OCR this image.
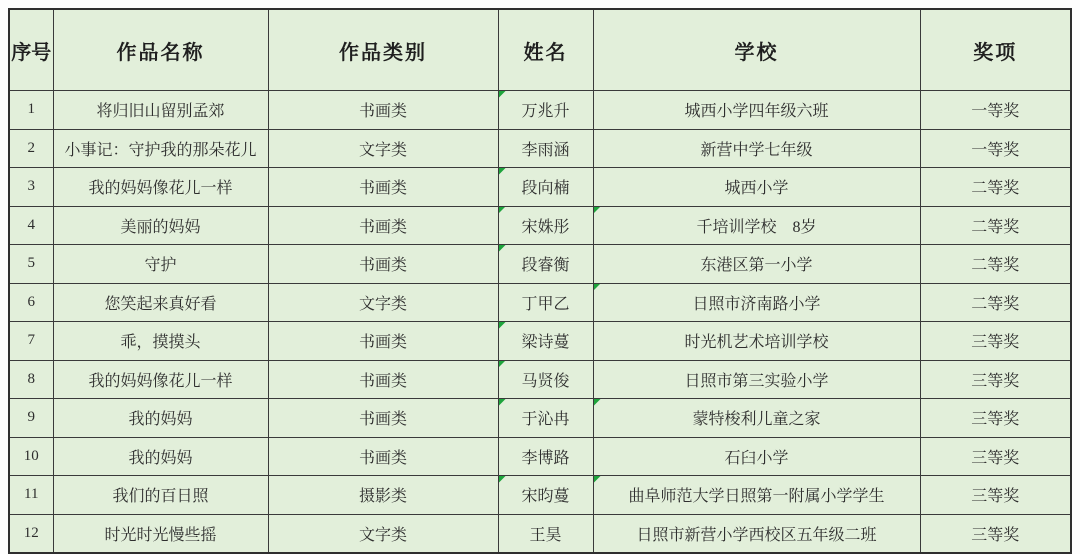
序号	作品名称	作品类别	姓名	学校	奖项
1	将归旧山留别孟郊	书画类	万兆升	城西小学四年级六班	一等奖
2	小事记：守护我的那朵花儿	文字类	李雨涵	新营中学七年级	一等奖
3	我的妈妈像花儿一样	书画类	段向楠	城西小学	二等奖
4	美丽的妈妈	书画类	宋姝彤	千培训学校　8岁	二等奖
5	守护	书画类	段睿衡	东港区第一小学	二等奖
6	您笑起来真好看	文字类	丁甲乙	日照市济南路小学	二等奖
7	乖，摸摸头	书画类	梁诗蔓	时光机艺术培训学校	三等奖
8	我的妈妈像花儿一样	书画类	马贤俊	日照市第三实验小学	三等奖
9	我的妈妈	书画类	于沁冉	蒙特梭利儿童之家	三等奖
10	我的妈妈	书画类	李博路	石臼小学	三等奖
11	我们的百日照	摄影类	宋昀蔓	曲阜师范大学日照第一附属小学学生	三等奖
12	时光时光慢些摇	文字类	王昊	日照市新营小学西校区五年级二班	三等奖
